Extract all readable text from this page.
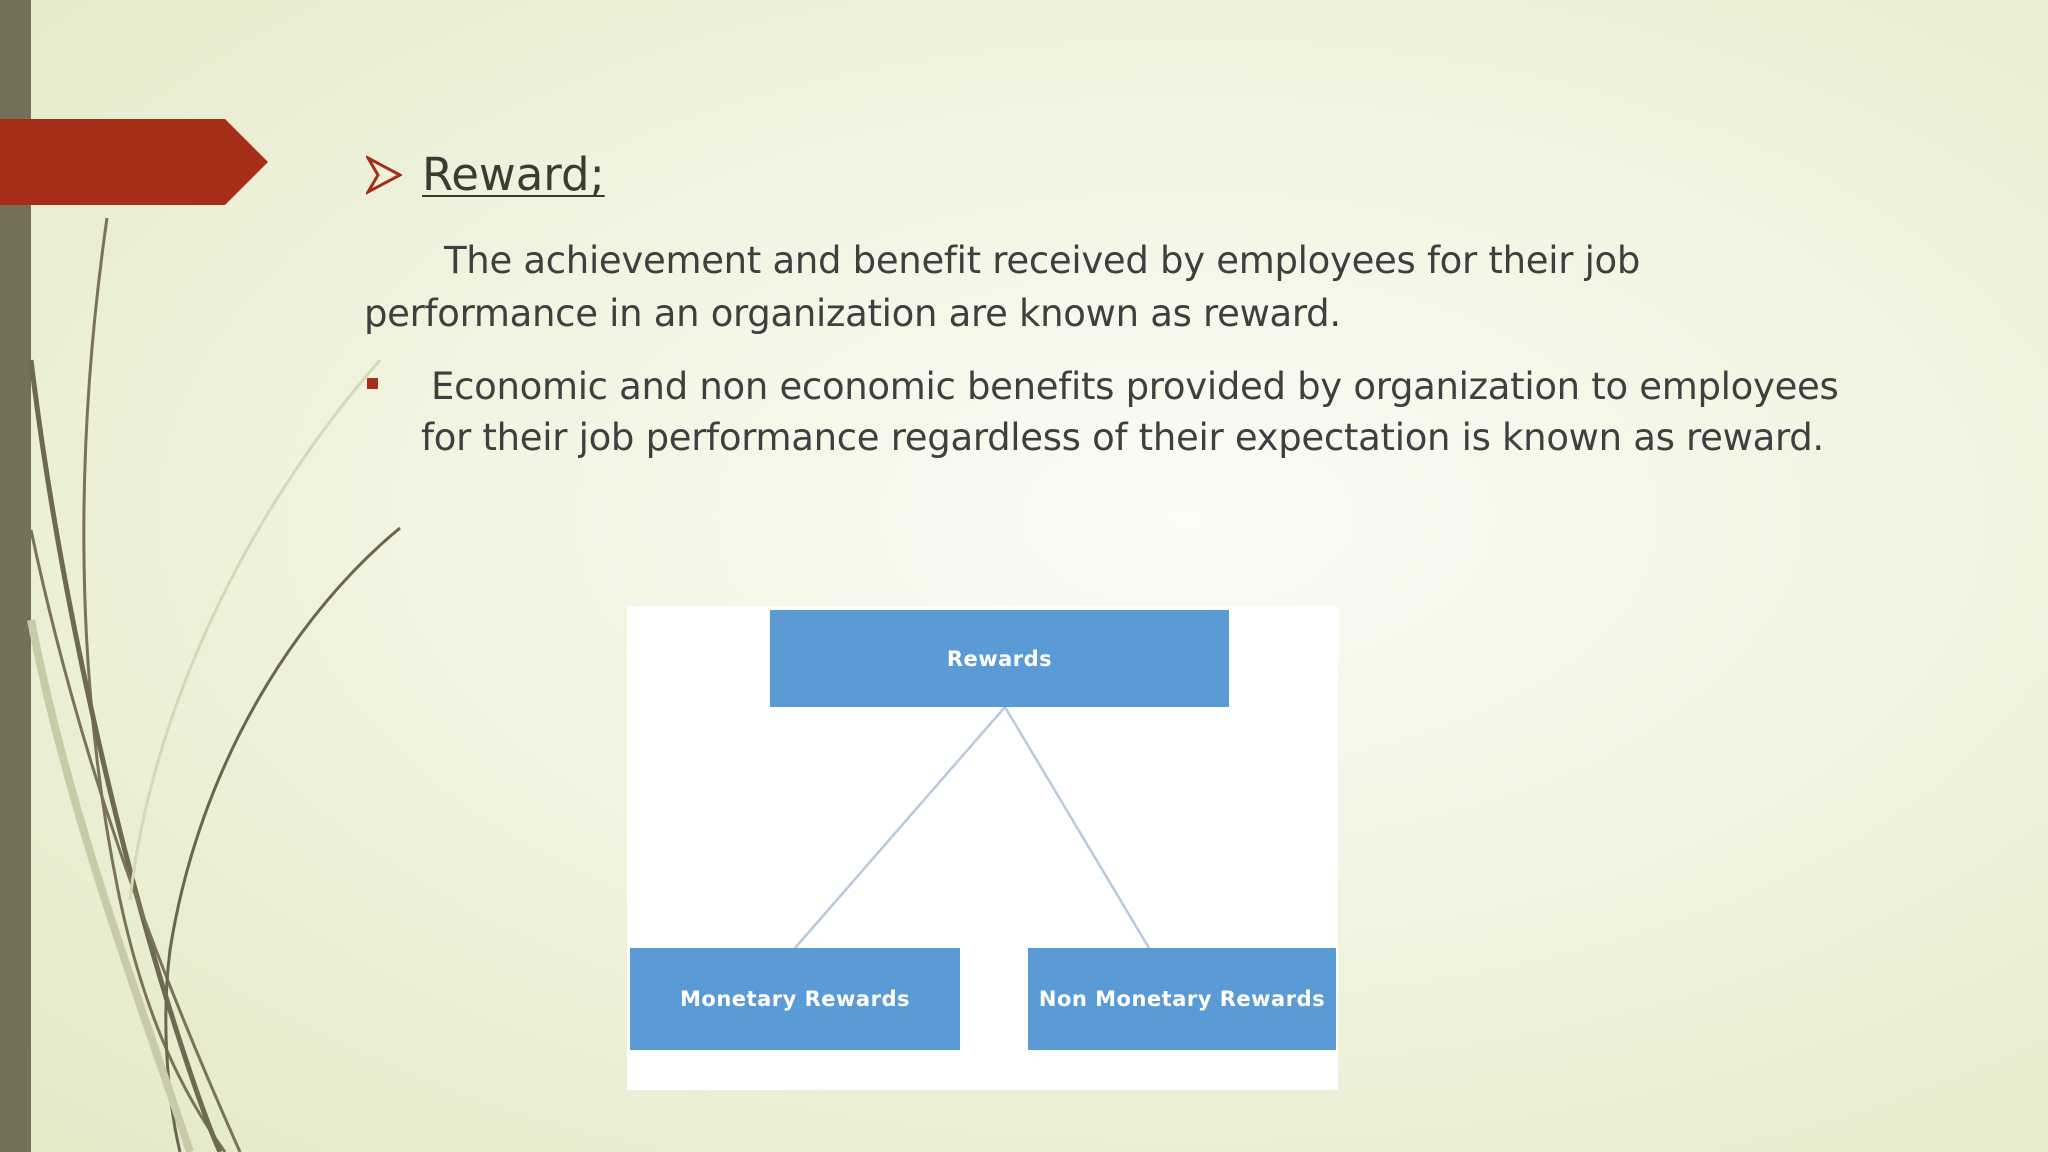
Reward;
The achievement and benefit received by employees for their job performance in an organization are known as reward.
Economic and non economic benefits provided by organization to employees for their job performance regardless of their expectation is known as reward.
Rewards
Monetary Rewards	Non Monetary Rewards
